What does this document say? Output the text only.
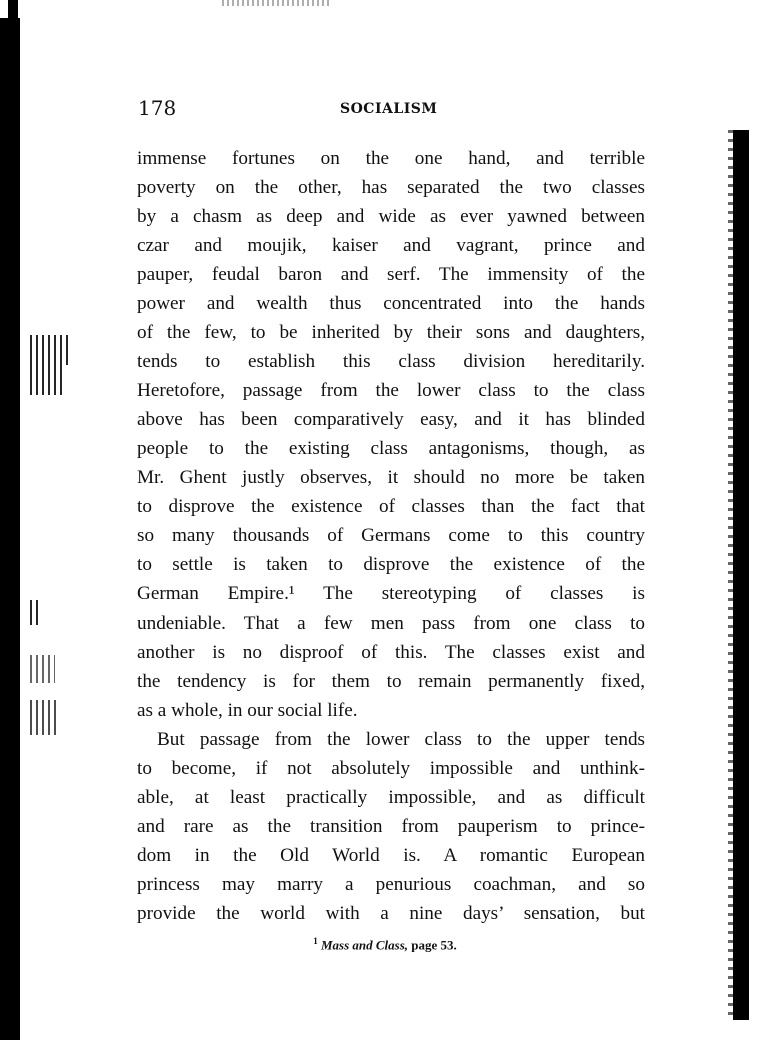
178	SOCIALISM
immense fortunes on the one hand, and terrible
poverty on the other, has separated the two classes
by a chasm as deep and wide as ever yawned between
czar and moujik, kaiser and vagrant, prince and
pauper, feudal baron and serf. The immensity of the
power and wealth thus concentrated into the hands
of the few, to be inherited by their sons and daughters,
tends to establish this class division hereditarily.
Heretofore, passage from the lower class to the class
above has been comparatively easy, and it has blinded
people to the existing class antagonisms, though, as
Mr. Ghent justly observes, it should no more be taken
to disprove the existence of classes than the fact that
so many thousands of Germans come to this country
to settle is taken to disprove the existence of the
German Empire.¹ The stereotyping of classes is
undeniable. That a few men pass from one class to
another is no disproof of this. The classes exist and
the tendency is for them to remain permanently fixed,
as a whole, in our social life.
But passage from the lower class to the upper tends
to become, if not absolutely impossible and unthink-
able, at least practically impossible, and as difficult
and rare as the transition from pauperism to prince-
dom in the Old World is. A romantic European
princess may marry a penurious coachman, and so
provide the world with a nine days’ sensation, but
$^1$ Mass and Class, page 53.
